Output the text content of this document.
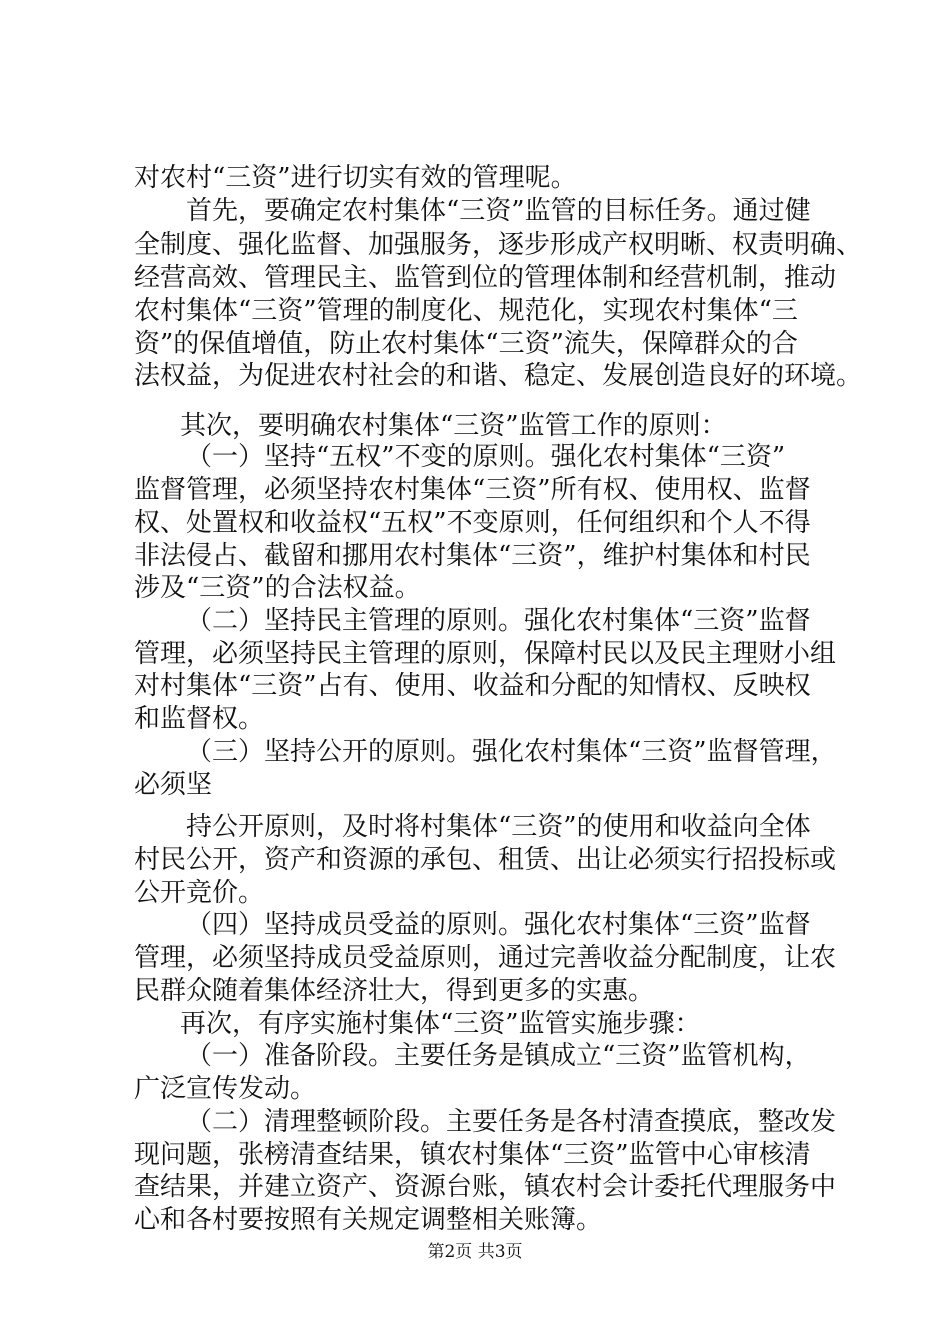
对农村“三资”进行切实有效的管理呢。
首先，要确定农村集体“三资”监管的目标任务。通过健
全制度、强化监督、加强服务，逐步形成产权明晰、权责明确、
经营高效、管理民主、监管到位的管理体制和经营机制，推动
农村集体“三资”管理的制度化、规范化，实现农村集体“三
资”的保值增值，防止农村集体“三资”流失，保障群众的合
法权益，为促进农村社会的和谐、稳定、发展创造良好的环境。
其次，要明确农村集体“三资”监管工作的原则：
（一）坚持“五权”不变的原则。强化农村集体“三资”
监督管理，必须坚持农村集体“三资”所有权、使用权、监督
权、处置权和收益权“五权”不变原则，任何组织和个人不得
非法侵占、截留和挪用农村集体“三资”，维护村集体和村民
涉及“三资”的合法权益。
（二）坚持民主管理的原则。强化农村集体“三资”监督
管理，必须坚持民主管理的原则，保障村民以及民主理财小组
对村集体“三资”占有、使用、收益和分配的知情权、反映权
和监督权。
（三）坚持公开的原则。强化农村集体“三资”监督管理，
必须坚
持公开原则，及时将村集体“三资”的使用和收益向全体
村民公开，资产和资源的承包、租赁、出让必须实行招投标或
公开竞价。
（四）坚持成员受益的原则。强化农村集体“三资”监督
管理，必须坚持成员受益原则，通过完善收益分配制度，让农
民群众随着集体经济壮大，得到更多的实惠。
再次，有序实施村集体“三资”监管实施步骤：
（一）准备阶段。主要任务是镇成立“三资”监管机构，
广泛宣传发动。
（二）清理整顿阶段。主要任务是各村清查摸底，整改发
现问题，张榜清查结果，镇农村集体“三资”监管中心审核清
查结果，并建立资产、资源台账，镇农村会计委托代理服务中
心和各村要按照有关规定调整相关账簿。
第2页 共3页
